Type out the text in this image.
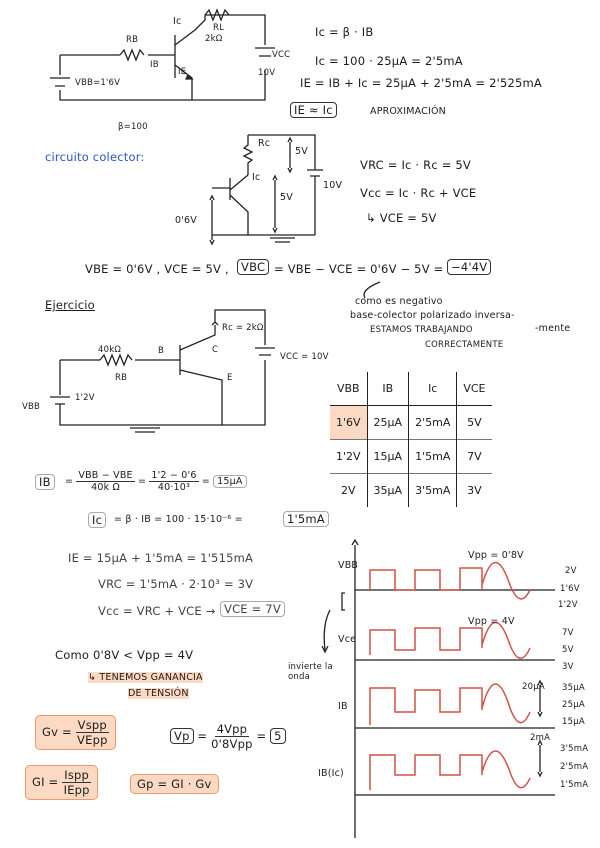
Ic
RL
2kΩ
RB
IB
IE
VCC
10V
VBB=1'6V
β=100
Ic = β · IB
Ic = 100 · 25μA = 2'5mA
IE = IB + Ic = 25μA + 2'5mA = 2'525mA
IE ≈ Ic	APROXIMACIÓN
circuito colector:
Rc
5V
Ic
5V
10V
0'6V
VRC = Ic · Rc = 5V
Vcc = Ic · Rc + VCE
↳ VCE = 5V
VBE = 0'6V , VCE = 5V ,	VBC = VBE − VCE = 0'6V − 5V = −4'4V
como es negativo
base-colector polarizado inversa-
ESTAMOS TRABAJANDO	-mente
CORRECTAMENTE
Ejercicio
40kΩ
RB
B	C
E
Rc = 2kΩ
VCC = 10V
VBB
1'2V
VBB	IB	Ic	VCE
1'6V	25μA	2'5mA	5V
1'2V	15μA	1'5mA	7V
2V	35μA	3'5mA	3V
IB	= $\frac{\text{VBB − VBE}}{\text{40k Ω}} = \frac{1'2 - 0'6}{\text{40·10³}} = 15\mu A$
Ic	= β · IB = 100 · 15·10⁻⁶ =	1'5mA
IE = 15μA + 1'5mA = 1'515mA
VRC = 1'5mA · 2·10³ = 3V
Vcc = VRC + VCE → VCE = 7V
Como 0'8V < Vpp = 4V
↳ TENEMOS GANANCIA
DE TENSIÓN
$Gv = \frac{\text{Vspp}}{\text{VEpp}}$	$Vp = \frac{\text{4Vpp}}{\text{0'8Vpp}} = 5$
GI = $\frac{\text{Ispp}}{\text{IEpp}}$	Gp = GI · Gv
VBB
Vpp = 0'8V
2V
1'6V
1'2V
Vce
Vpp = 4V
7V
5V
3V
invierte la onda
IB
20μA 35μA
25μA
15μA
IB(Ic)
2mA
3'5mA
2'5mA
1'5mA
